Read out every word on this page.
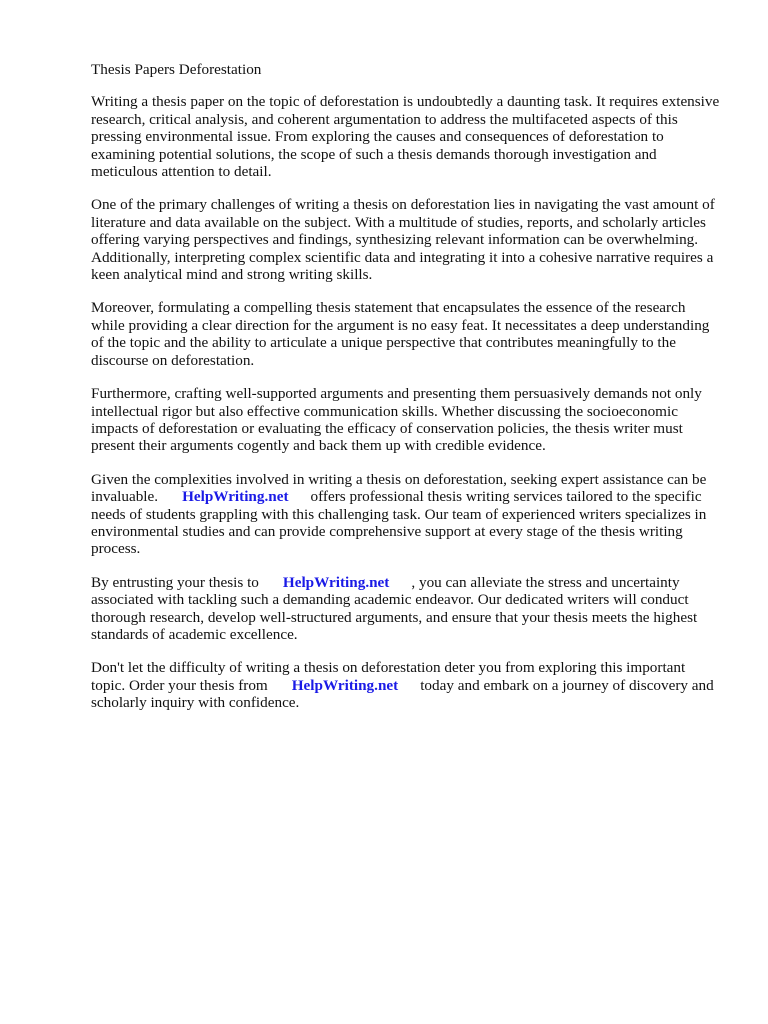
Thesis Papers Deforestation

Writing a thesis paper on the topic of deforestation is undoubtedly a daunting task. It requires extensive research, critical analysis, and coherent argumentation to address the multifaceted aspects of this pressing environmental issue. From exploring the causes and consequences of deforestation to examining potential solutions, the scope of such a thesis demands thorough investigation and meticulous attention to detail.

One of the primary challenges of writing a thesis on deforestation lies in navigating the vast amount of literature and data available on the subject. With a multitude of studies, reports, and scholarly articles offering varying perspectives and findings, synthesizing relevant information can be overwhelming. Additionally, interpreting complex scientific data and integrating it into a cohesive narrative requires a keen analytical mind and strong writing skills.

Moreover, formulating a compelling thesis statement that encapsulates the essence of the research while providing a clear direction for the argument is no easy feat. It necessitates a deep understanding of the topic and the ability to articulate a unique perspective that contributes meaningfully to the discourse on deforestation.

Furthermore, crafting well-supported arguments and presenting them persuasively demands not only intellectual rigor but also effective communication skills. Whether discussing the socioeconomic impacts of deforestation or evaluating the efficacy of conservation policies, the thesis writer must present their arguments cogently and back them up with credible evidence.

Given the complexities involved in writing a thesis on deforestation, seeking expert assistance can be invaluable. HelpWriting.net offers professional thesis writing services tailored to the specific needs of students grappling with this challenging task. Our team of experienced writers specializes in environmental studies and can provide comprehensive support at every stage of the thesis writing process.

By entrusting your thesis to HelpWriting.net , you can alleviate the stress and uncertainty associated with tackling such a demanding academic endeavor. Our dedicated writers will conduct thorough research, develop well-structured arguments, and ensure that your thesis meets the highest standards of academic excellence.

Don't let the difficulty of writing a thesis on deforestation deter you from exploring this important topic. Order your thesis from HelpWriting.net today and embark on a journey of discovery and scholarly inquiry with confidence.
